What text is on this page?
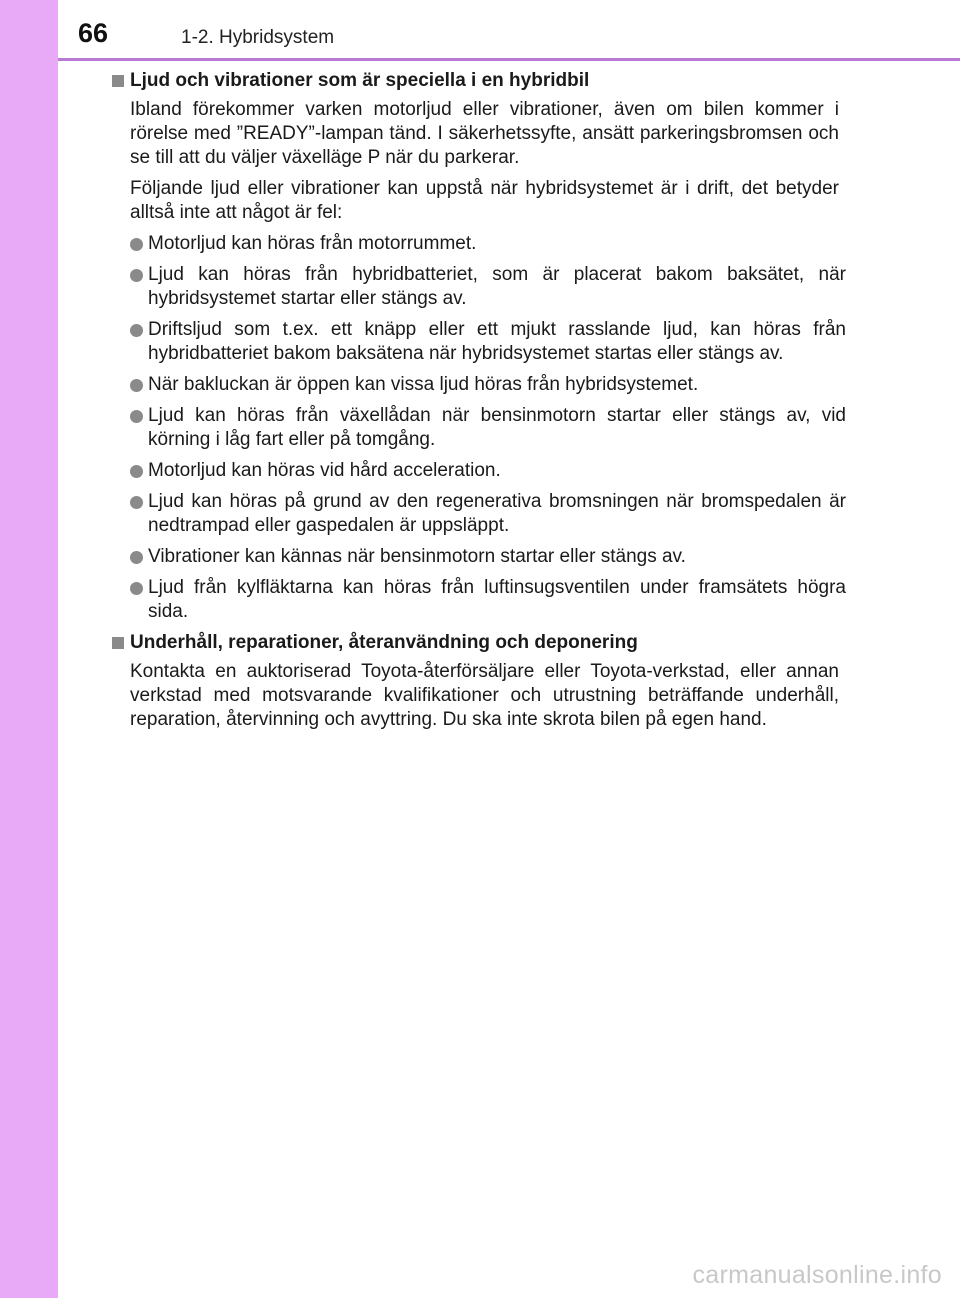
66	1-2. Hybridsystem
Ljud och vibrationer som är speciella i en hybridbil

Ibland förekommer varken motorljud eller vibrationer, även om bilen kommer i rörelse med ”READY”-lampan tänd. I säkerhetssyfte, ansätt parkeringsbromsen och se till att du väljer växelläge P när du parkerar.

Följande ljud eller vibrationer kan uppstå när hybridsystemet är i drift, det betyder alltså inte att något är fel:

Motorljud kan höras från motorrummet.
Ljud kan höras från hybridbatteriet, som är placerat bakom baksätet, när hybridsystemet startar eller stängs av.
Driftsljud som t.ex. ett knäpp eller ett mjukt rasslande ljud, kan höras från hybridbatteriet bakom baksätena när hybridsystemet startas eller stängs av.
När bakluckan är öppen kan vissa ljud höras från hybridsystemet.
Ljud kan höras från växellådan när bensinmotorn startar eller stängs av, vid körning i låg fart eller på tomgång.
Motorljud kan höras vid hård acceleration.
Ljud kan höras på grund av den regenerativa bromsningen när bromspedalen är nedtrampad eller gaspedalen är uppsläppt.
Vibrationer kan kännas när bensinmotorn startar eller stängs av.
Ljud från kylfläktarna kan höras från luftinsugsventilen under framsätets högra sida.
Underhåll, reparationer, återanvändning och deponering

Kontakta en auktoriserad Toyota-återförsäljare eller Toyota-verkstad, eller annan verkstad med motsvarande kvalifikationer och utrustning beträffande underhåll, reparation, återvinning och avyttring. Du ska inte skrota bilen på egen hand.

carmanualsonline.info
